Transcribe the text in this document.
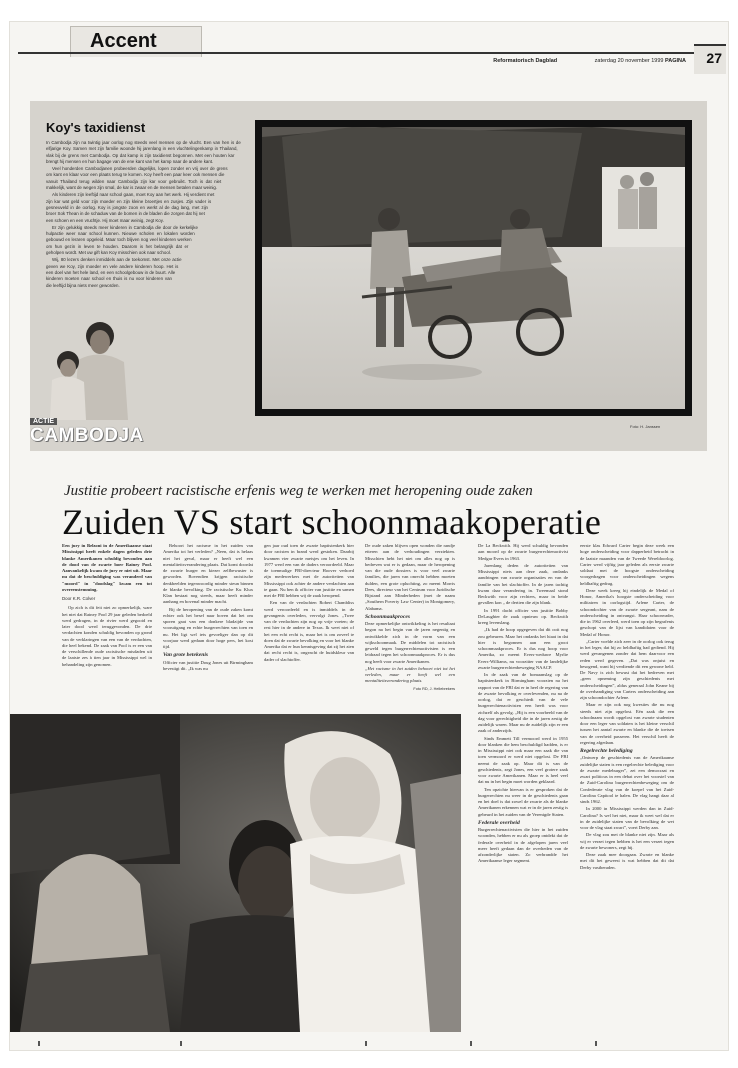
Accent
Reformatorisch Dagblad	zaterdag 20 november 1999 PAGINA 27
Koy's taxidienst

In Cambodja zijn na twintig jaar oorlog nog steeds veel mensen op de vlucht. Een van hen is de elfjarige Koy. Samen met zijn familie woonde hij jarenlang in een vluchtelingenkamp in Thailand, vlak bij de grens met Cambodja. Op dat kamp is zijn taxidienst begonnen. Met een houten kar brengt hij mensen en hun bagage van de ene kant van het kamp naar de andere kant.

Veel honderden Cambodjanen probeerden dagelijks, lopen zonder en vrij over de grens om kant en klaar voor een plaats terug te komen. Koy heeft een paar keer ook mensen die vanuit Thailand terug wilden naar Cambodja zijn kar voor gebruikt. Toch is dat niet makkelijk, want de wegen zijn smal, de kar is zwaar en de mensen betalen maar weinig.

Als kinderen zijn leeftijd naar school gaan, moet Koy aan het werk. Hij verdient met zijn kar wat geld voor zijn moeder en zijn kleine broertjes en zusjes. Zijn vader is gesneuveld in de oorlog. Koy is jongste zoon en werkt al de dag lang, met zijn broer Sok Thean in de schaduw van de bomen in de bladen die zorgen dat hij net een schoen en een vruchtje. Hij moet maar weinig, zegt Koy.

Er zijn gelukkig steeds meer kinderen in Cambodja die door de kerkelijke hulpactie weer naar school kunnen. Nieuwe scholen en lokalen worden gebouwd en leraren opgeleid. Maar toch blijven nog veel kinderen werken om hun gezin in leven te houden. Daarom is het belangrijk dat er geholpen wordt. Met uw gift kan Koy misschien ook naar school.

Wij, 80 lezers denken inmiddels aan de toekomst. Met onze actie geven we Koy, zijn moeder en vele andere kinderen hoop. Het is een doel van het hele land, en een schoolgebouw in de buurt. Alle kinderen moeten naar school en thuis is nu voor kinderen van die leeftijd bijna niets meer geworden.

Foto: H. Janssen
ACTIE
CAMBODJA
Justitie probeert racistische erfenis weg te werken met heropening oude zaken
Zuiden VS start schoonmaakoperatie

Een jury in Belzoni in de Amerikaanse staat Mississippi heeft enkele dagen geleden drie blanke Amerikanen schuldig bevonden aan de dood van de zwarte boer Rainey Pool. Aanvankelijk kwam de jury er niet uit. Maar nu dat de beschuldiging was veranderd van "moord" in "doodslag" kwam een tot overeenstemming.

Door K.R. Colver

Op zich is dit feit niet zo opmerkelijk, ware het niet dat Rainey Pool 29 jaar geleden bedoeld werd gedragen, in de rivier werd gegooid en later dood werd teruggevonden. De drie verdachten konden schuldig bevonden op grond van de verklaringen van een van de verdachten, die heel bekend. De zaak van Pool is er een van de verschillende oude racistische misdaden uit de laatste zes à tien jaar in Mississippi wel in behandeling zijn genomen.

Behoort het racisme in het zuiden van Amerika tot het verleden? „Neen, dat is helaas niet het geval, maar er heeft wel een mentaliteitsverandering plaats. Dat komt doordat de zwarte burger en kiezer zelfbewuster is geworden. Bovendien krijgen racistische denkbeelden tegenwoordig minder steun binnen de blanke bevolking. De racistische Ku Klux Klan bestaat nog steeds, maar heeft minder aanhang en bovenal minder macht.

Bij de heropening van de oude zaken komt echter ook het besef naar boven dat het om sporen gaat van een donkere bladzijde van vooruitgang en echte burgerrechten van toen en nu. Het ligt wel iets gevoeliger dan op dit voorjaar werd gedaan door hoge pers, het kost tijd.

Van grote betekenis

Officier van justitie Doug Jones uit Birmingham bevestigt dit. „Ik was nu

gen jaar oud toen de zwarte baptistenkerk hier door racisten in brand werd gestoken. Daarbij kwamen vier zwarte meisjes om het leven. In 1977 werd een van de daders veroordeeld. Maar de toenmalige FBI-directeur Hoover verhoed zijn medewerkers met de autoriteiten van Mississippi ook achter de andere verdachten aan te gaan. Nu ben ik officier van justitie en samen met de FBI hebben wij de zaak heropend.

Een van de verdachten Robert Chambliss werd veroordeeld en is inmiddels in de gevangenis overleden, vervolgt Jones. „Twee van de verdachten zijn nog op vrije voeten; de rest hier in de andere in Texas. Ik weet niet of het een echt recht is, maar het is om zoveel te doen dat de zwarte bevolking en voor het blanke Amerika dat er hun kennisgeving dat zij het zien dat recht recht is, ongeacht de huidskleur van dader of slachtoffer.

De oude zaken blijven open wonden die randje etteren aan de verhoudingen verziekten. Misschien hebt het niet om alles nog op is bedreven wat er is gedaan, maar de heropening van die oude dossiers is voor veel zwarte families, die jaren van onrecht hebben moeten dulden, een grote opluchting, zo meent Morris Dees, directeur van het Centrum voor Juridische Bijstand aan Minderheden (met de naam „Southern Poverty Law Center) in Montgomery, Alabama.

Schoonmaakproces

Deze opmerkelijke ontwikkeling is het resultaat begon na het begin van de jaren negentig en ontwikkelde zich in de vorm van een wijkschoonmaak. De middelen tot racistisch geweld tegen burgerrechtenactivisten is een leidraad tegen het schoonmaakproces. Er is dus nog heeft voor zwarte Amerikanen.

„Het racisme in het zuiden behoort niet tot het verleden, maar er heeft wel een mentaliteitsverandering plaats.

Foto RD, J. Hellebrekers

De La Beckwith. Hij werd schuldig bevonden aan moord op de zwarte burgerrechtenactivist Medgar Evers in 1963.

Jarenlang deden de autoriteiten van Mississippi niets aan deze zaak, ondanks aandringen van zwarte organisaties en van de familie van het slachtoffer. In de jaren tachtig kwam daar verandering in. Tweemaal stond Beckwith voor zijn rechters, maar in beide gevallen kon „ de dertien die zijn blank.

In 1991 dacht officier van justitie Bobby DeLaughter de zaak opnieuw op. Beckwith kreeg levenslang.

„Ik had de hoop opgegeven dat dit ooit nog zou gebeuren. Maar het ondanks het hiaat in dat hier is begonnen aan een groot schoonmaakproces. Er is dus nog hoop voor Amerika, zo meent Evers-weduwe Myrlie Evers-Williams, nu voorzitter van de landelijke zwarte burgerrechtenbeweging NAACP.

In de zaak van de bomaanslag op de baptistenkerk in Birmingham voorzien na het rapport van de FBI dat er in heel de regering van de zwarte bevolking er overlevenden, nu na de oorlog, dat er geschiedt van de vele burgerrechtenactivisten een heeft was voor zichzelf als gevolg. „Hij is een voorbeeld van de dag voor gerechtigheid die in de jaren zestig de zuidelijk waren. Maar nu de zuidelijk zijn er een zaak of anderzijds.

Sinds Emmett Till vermoord werd in 1955 door blanken die hem beschuldigd hadden, is er in Mississippi niet ook maar een zaak die van toen vermoord er werd niet opgelost. De FBI neemt de zaak op. Maar dit is van de geschiedenis, zegt Jones, een veel grotere zaak voor zwarte Amerikanen. Maar er is heel veel dat nu in het begin moet worden geklaard.

Ten opzichte hiervan is er gesproken dat de burgerrechten nu weer in de geschiedenis gaan en het doel is dat zowel de zwarte als de blanke Amerikanen erkennen wat er in de jaren zestig is gebeurd in het zuiden van de Verenigde Staten.

Federale overheid

Burgerrechtenactivisten die hier in het zuiden woonden, hebben er nu als groep ontdekt dat de federale overheid in de afgelopen jaren veel meer heeft gedaan dan de overheden van de afzonderlijke staten. Zo verbrandde het Amerikaanse leger segment.

eerste klas Edward Carter begin deze week een hoge onderscheiding voor dapperheid betracht in de laatste maanden van de Tweede Wereldoorlog. Carter werd vijftig jaar geleden als eerste zwarte soldaat met de hoogste onderscheiding voorgedragen voor onderscheidingen wegens heldhaftig gedrag.

Deze week kreeg hij eindelijk de Medal of Honor, Amerika's hoogste onderscheiding voor militairen in oorlogstijd. Arlene Carter, de schoondochter van de zwarte sergeant, nam de onderscheiding in ontvangst. Haar schoonvader, die in 1962 overleed, werd toen op zijn begrafenis geschopt van de lijst van kandidaten voor de Medal of Honor.

„Carter voelde zich zeer in de oorlog ook terug in het leger, dat hij zo heldhaftig had gediend. Hij werd gevangenen zonder dat hem daarvoor een reden werd gegeven. „Dat was onjuist en besogend, want hij verdiende dit een gewone held. De Navy is zich bewust dat het bedreven met „geen opneming zijn geschiedenis met onderscheidingen”, aldus generaal John Keane bij de overhandiging van Carters onderscheiding aan zijn schoondochter Arlene.

Maar er zijn ook nog kwesties die nu nog steeds niet zijn opgelost. Eén zaak die een schoolnaam wordt opgelost van zwarte studenten door een leger van soldaten is het kleine verschil tussen het aantal zwarte en blanke die de toetsen van de overheid passeren. Het verschil heeft de regering afgedaan.

Regelrechte belediging

„Ontwerp de geschiedenis van de Amerikaanse zuidelijke staten is een regelrechte belediging voor de zwarte medeburger”, zei een democraat en zwart politicus in een debat over het voorstel van de Zuid-Carolina burgerrechtenbeweging om de Confederate vlag van de koepel van het Zuid-Carolina Capitool te halen. De vlag hangt daar al sinds 1962.

In 2000 in Mississippi werden dan in Zuid-Carolina? Is wel het niet, maar ik weet wel dat er in de zuidelijke staten van de bevolking de wet voor de vlag staat zwart”, voert Derby aan.

De vlag zou met de blanke niet zijn. Maar als wij er verzet tegen hebben is het een verzet tegen de zwarte bewoners, zegt hij.

Deze zaak mee doorgaan. Zwarte en blanke met dit het geweest is wat hebben dat dit dat Derby vastberaden.
